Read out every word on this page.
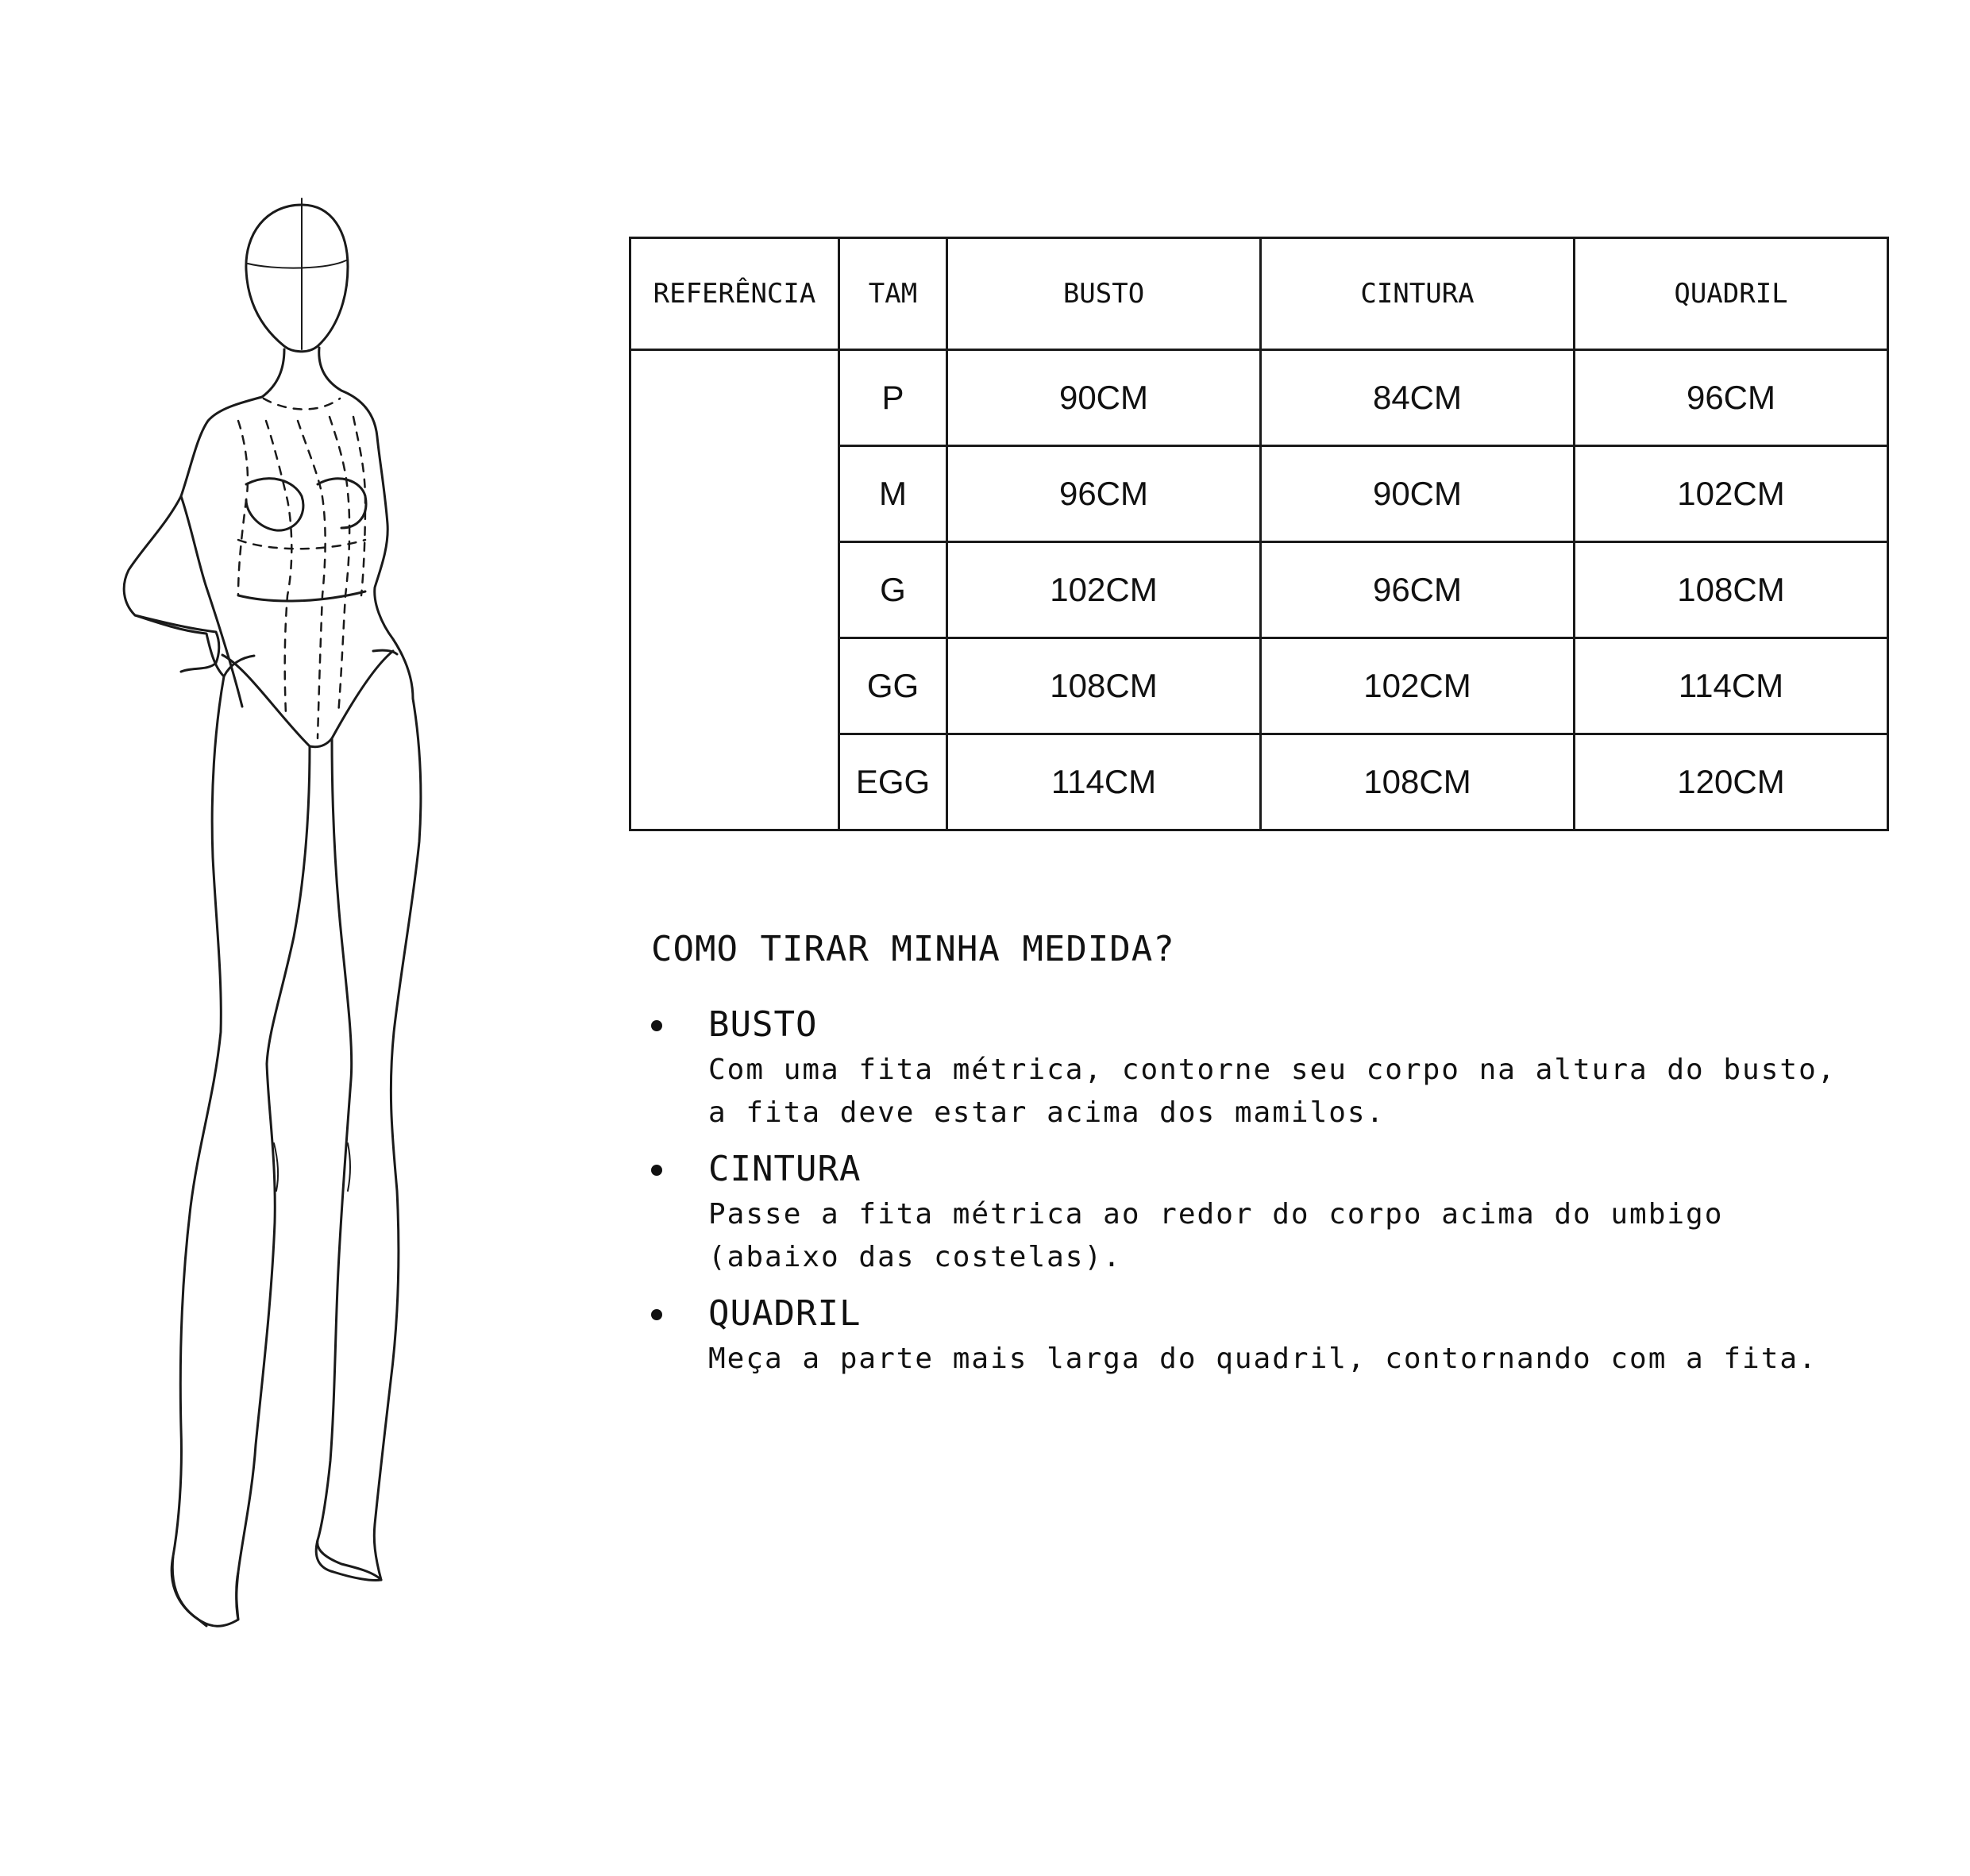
REFERÊNCIA	TAM	BUSTO	CINTURA	QUADRIL
	P	90CM	84CM	96CM
	M	96CM	90CM	102CM
	G	102CM	96CM	108CM
	GG	108CM	102CM	114CM
	EGG	114CM	108CM	120CM
COMO TIRAR MINHA MEDIDA?
BUSTO
Com uma fita métrica, contorne seu corpo na altura do busto,
a fita deve estar acima dos mamilos.
CINTURA
Passe a fita métrica ao redor do corpo acima do umbigo
(abaixo das costelas).
QUADRIL
Meça a parte mais larga do quadril, contornando com a fita.
